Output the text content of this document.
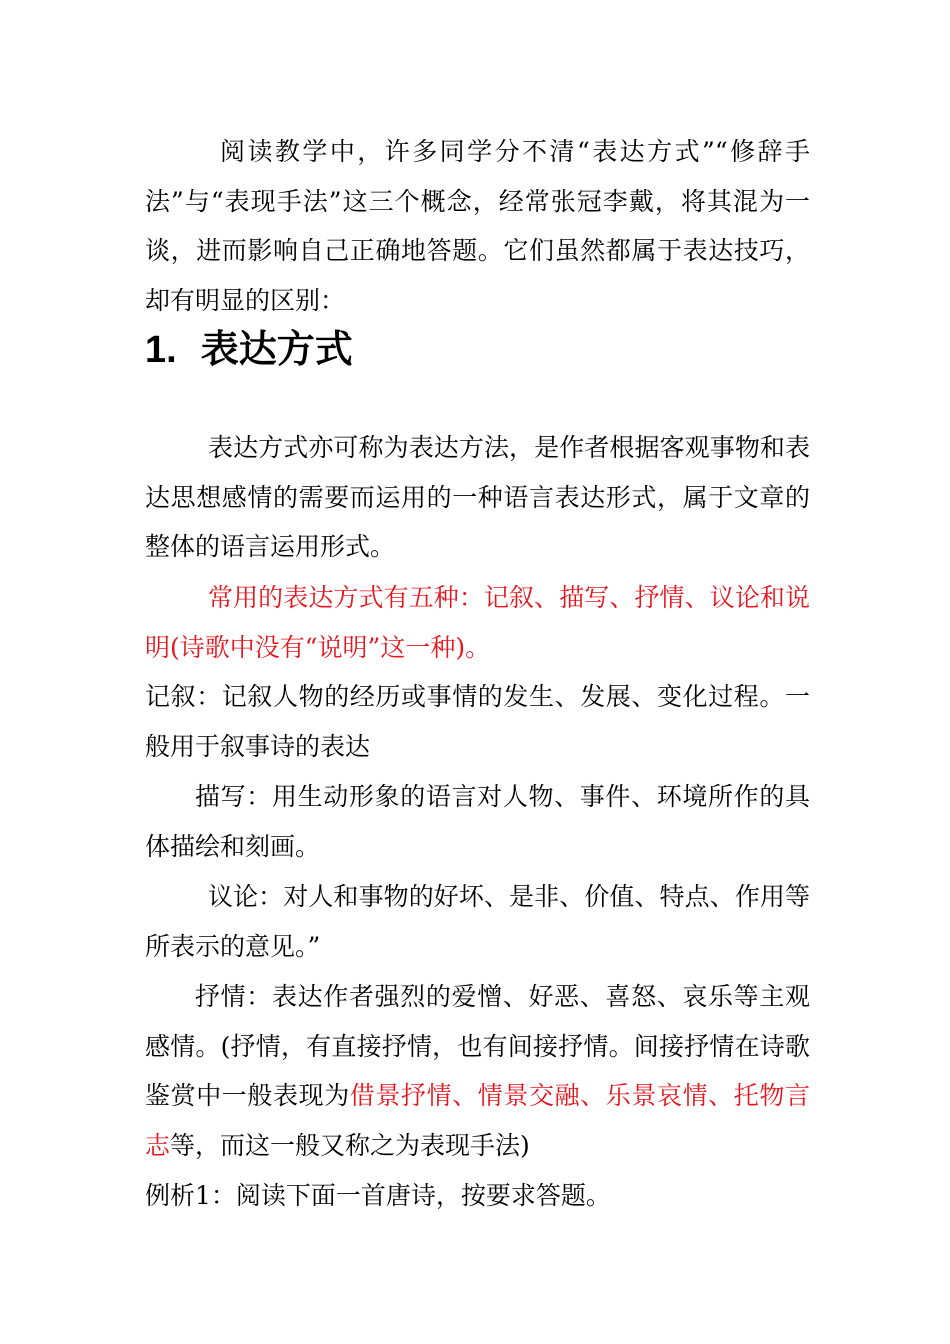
阅读教学中，许多同学分不清“表达方式”“修辞手法”与“表现手法”这三个概念，经常张冠李戴，将其混为一谈，进而影响自己正确地答题。它们虽然都属于表达技巧，却有明显的区别：

1. 表达方式

表达方式亦可称为表达方法，是作者根据客观事物和表达思想感情的需要而运用的一种语言表达形式，属于文章的整体的语言运用形式。

常用的表达方式有五种：记叙、描写、抒情、议论和说明(诗歌中没有“说明”这一种)。

记叙：记叙人物的经历或事情的发生、发展、变化过程。一般用于叙事诗的表达

描写：用生动形象的语言对人物、事件、环境所作的具体描绘和刻画。

议论：对人和事物的好坏、是非、价值、特点、作用等所表示的意见。”

抒情：表达作者强烈的爱憎、好恶、喜怒、哀乐等主观感情。(抒情，有直接抒情，也有间接抒情。间接抒情在诗歌鉴赏中一般表现为借景抒情、情景交融、乐景哀情、托物言志等，而这一般又称之为表现手法)

例析1：阅读下面一首唐诗，按要求答题。
